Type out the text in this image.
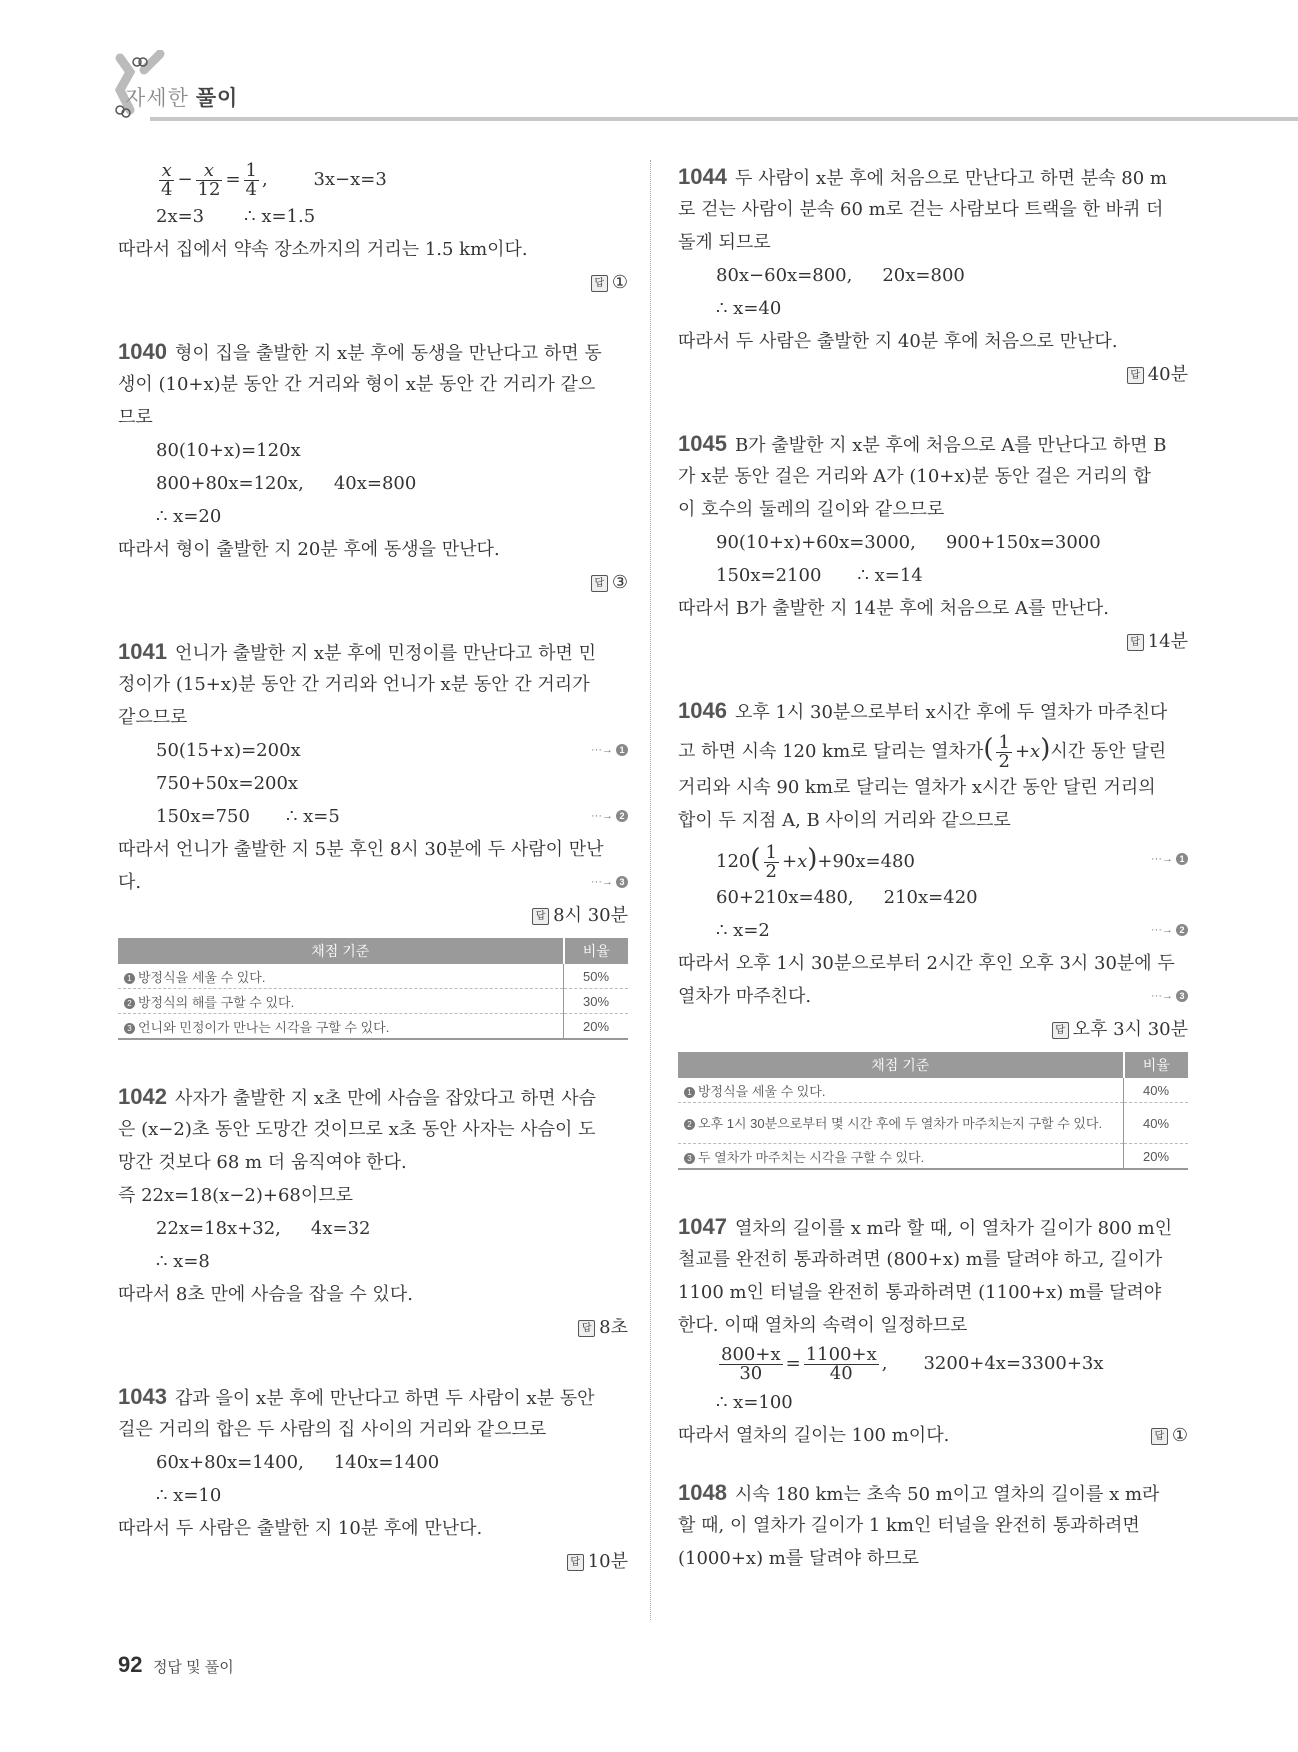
자세한 풀이
$\frac{x}{4} - \frac{x}{12} = \frac{1}{4}$ , 3x−x=3
2x=3 ∴ x=1.5
따라서 집에서 약속 장소까지의 거리는 1.5 km이다.
답 ①
1040 형이 집을 출발한 지 x분 후에 동생을 만난다고 하면 동
생이 (10+x)분 동안 간 거리와 형이 x분 동안 간 거리가 같으
므로
80(10+x)=120x
800+80x=120x, 40x=800
∴ x=20
따라서 형이 출발한 지 20분 후에 동생을 만난다.
답 ③
1041 언니가 출발한 지 x분 후에 민정이를 만난다고 하면 민
정이가 (15+x)분 동안 간 거리와 언니가 x분 동안 간 거리가
같으므로
50(15+x)=200x	···→ 1
750+50x=200x
150x=750 ∴ x=5	···→ 2
따라서 언니가 출발한 지 5분 후인 8시 30분에 두 사람이 만난
다.	···→ 3
답 8시 30분
채점 기준	비율
1 방정식을 세울 수 있다.	50%
2 방정식의 해를 구할 수 있다.	30%
3 언니와 민정이가 만나는 시각을 구할 수 있다.	20%
1042 사자가 출발한 지 x초 만에 사슴을 잡았다고 하면 사슴
은 (x−2)초 동안 도망간 것이므로 x초 동안 사자는 사슴이 도
망간 것보다 68 m 더 움직여야 한다.
즉 22x=18(x−2)+68이므로
22x=18x+32, 4x=32
∴ x=8
따라서 8초 만에 사슴을 잡을 수 있다.
답 8초
1043 갑과 을이 x분 후에 만난다고 하면 두 사람이 x분 동안
걸은 거리의 합은 두 사람의 집 사이의 거리와 같으므로
60x+80x=1400, 140x=1400
∴ x=10
따라서 두 사람은 출발한 지 10분 후에 만난다.
답 10분
1044 두 사람이 x분 후에 처음으로 만난다고 하면 분속 80 m
로 걷는 사람이 분속 60 m로 걷는 사람보다 트랙을 한 바퀴 더
돌게 되므로
80x−60x=800, 20x=800
∴ x=40
따라서 두 사람은 출발한 지 40분 후에 처음으로 만난다.
답 40분
1045 B가 출발한 지 x분 후에 처음으로 A를 만난다고 하면 B
가 x분 동안 걸은 거리와 A가 (10+x)분 동안 걸은 거리의 합
이 호수의 둘레의 길이와 같으므로
90(10+x)+60x=3000, 900+150x=3000
150x=2100 ∴ x=14
따라서 B가 출발한 지 14분 후에 처음으로 A를 만난다.
답 14분
1046 오후 1시 30분으로부터 x시간 후에 두 열차가 마주친다
고 하면 시속 120 km로 달리는 열차가( $\frac{1}{2} +x$)시간 동안 달린
거리와 시속 90 km로 달리는 열차가 x시간 동안 달린 거리의
합이 두 지점 A, B 사이의 거리와 같으므로
$120( \frac{1}{2} +x)+90x=480$	···→ 1
60+210x=480, 210x=420
∴ x=2	···→ 2
따라서 오후 1시 30분으로부터 2시간 후인 오후 3시 30분에 두
열차가 마주친다.	···→ 3
답 오후 3시 30분
채점 기준	비율
1 방정식을 세울 수 있다.	40%
2 오후 1시 30분으로부터 몇 시간 후에 두 열차가 마주치는지 구할 수 있다.	40%
3 두 열차가 마주치는 시각을 구할 수 있다.	20%
1047 열차의 길이를 x m라 할 때, 이 열차가 길이가 800 m인
철교를 완전히 통과하려면 (800+x) m를 달려야 하고, 길이가
1100 m인 터널을 완전히 통과하려면 (1100+x) m를 달려야
한다. 이때 열차의 속력이 일정하므로
$\frac{800+x}{30} = \frac{1100+x}{40}$ , 3200+4x=3300+3x
∴ x=100
따라서 열차의 길이는 100 m이다.	답 ①
1048 시속 180 km는 초속 50 m이고 열차의 길이를 x m라
할 때, 이 열차가 길이가 1 km인 터널을 완전히 통과하려면
(1000+x) m를 달려야 하므로
92 정답 및 풀이
